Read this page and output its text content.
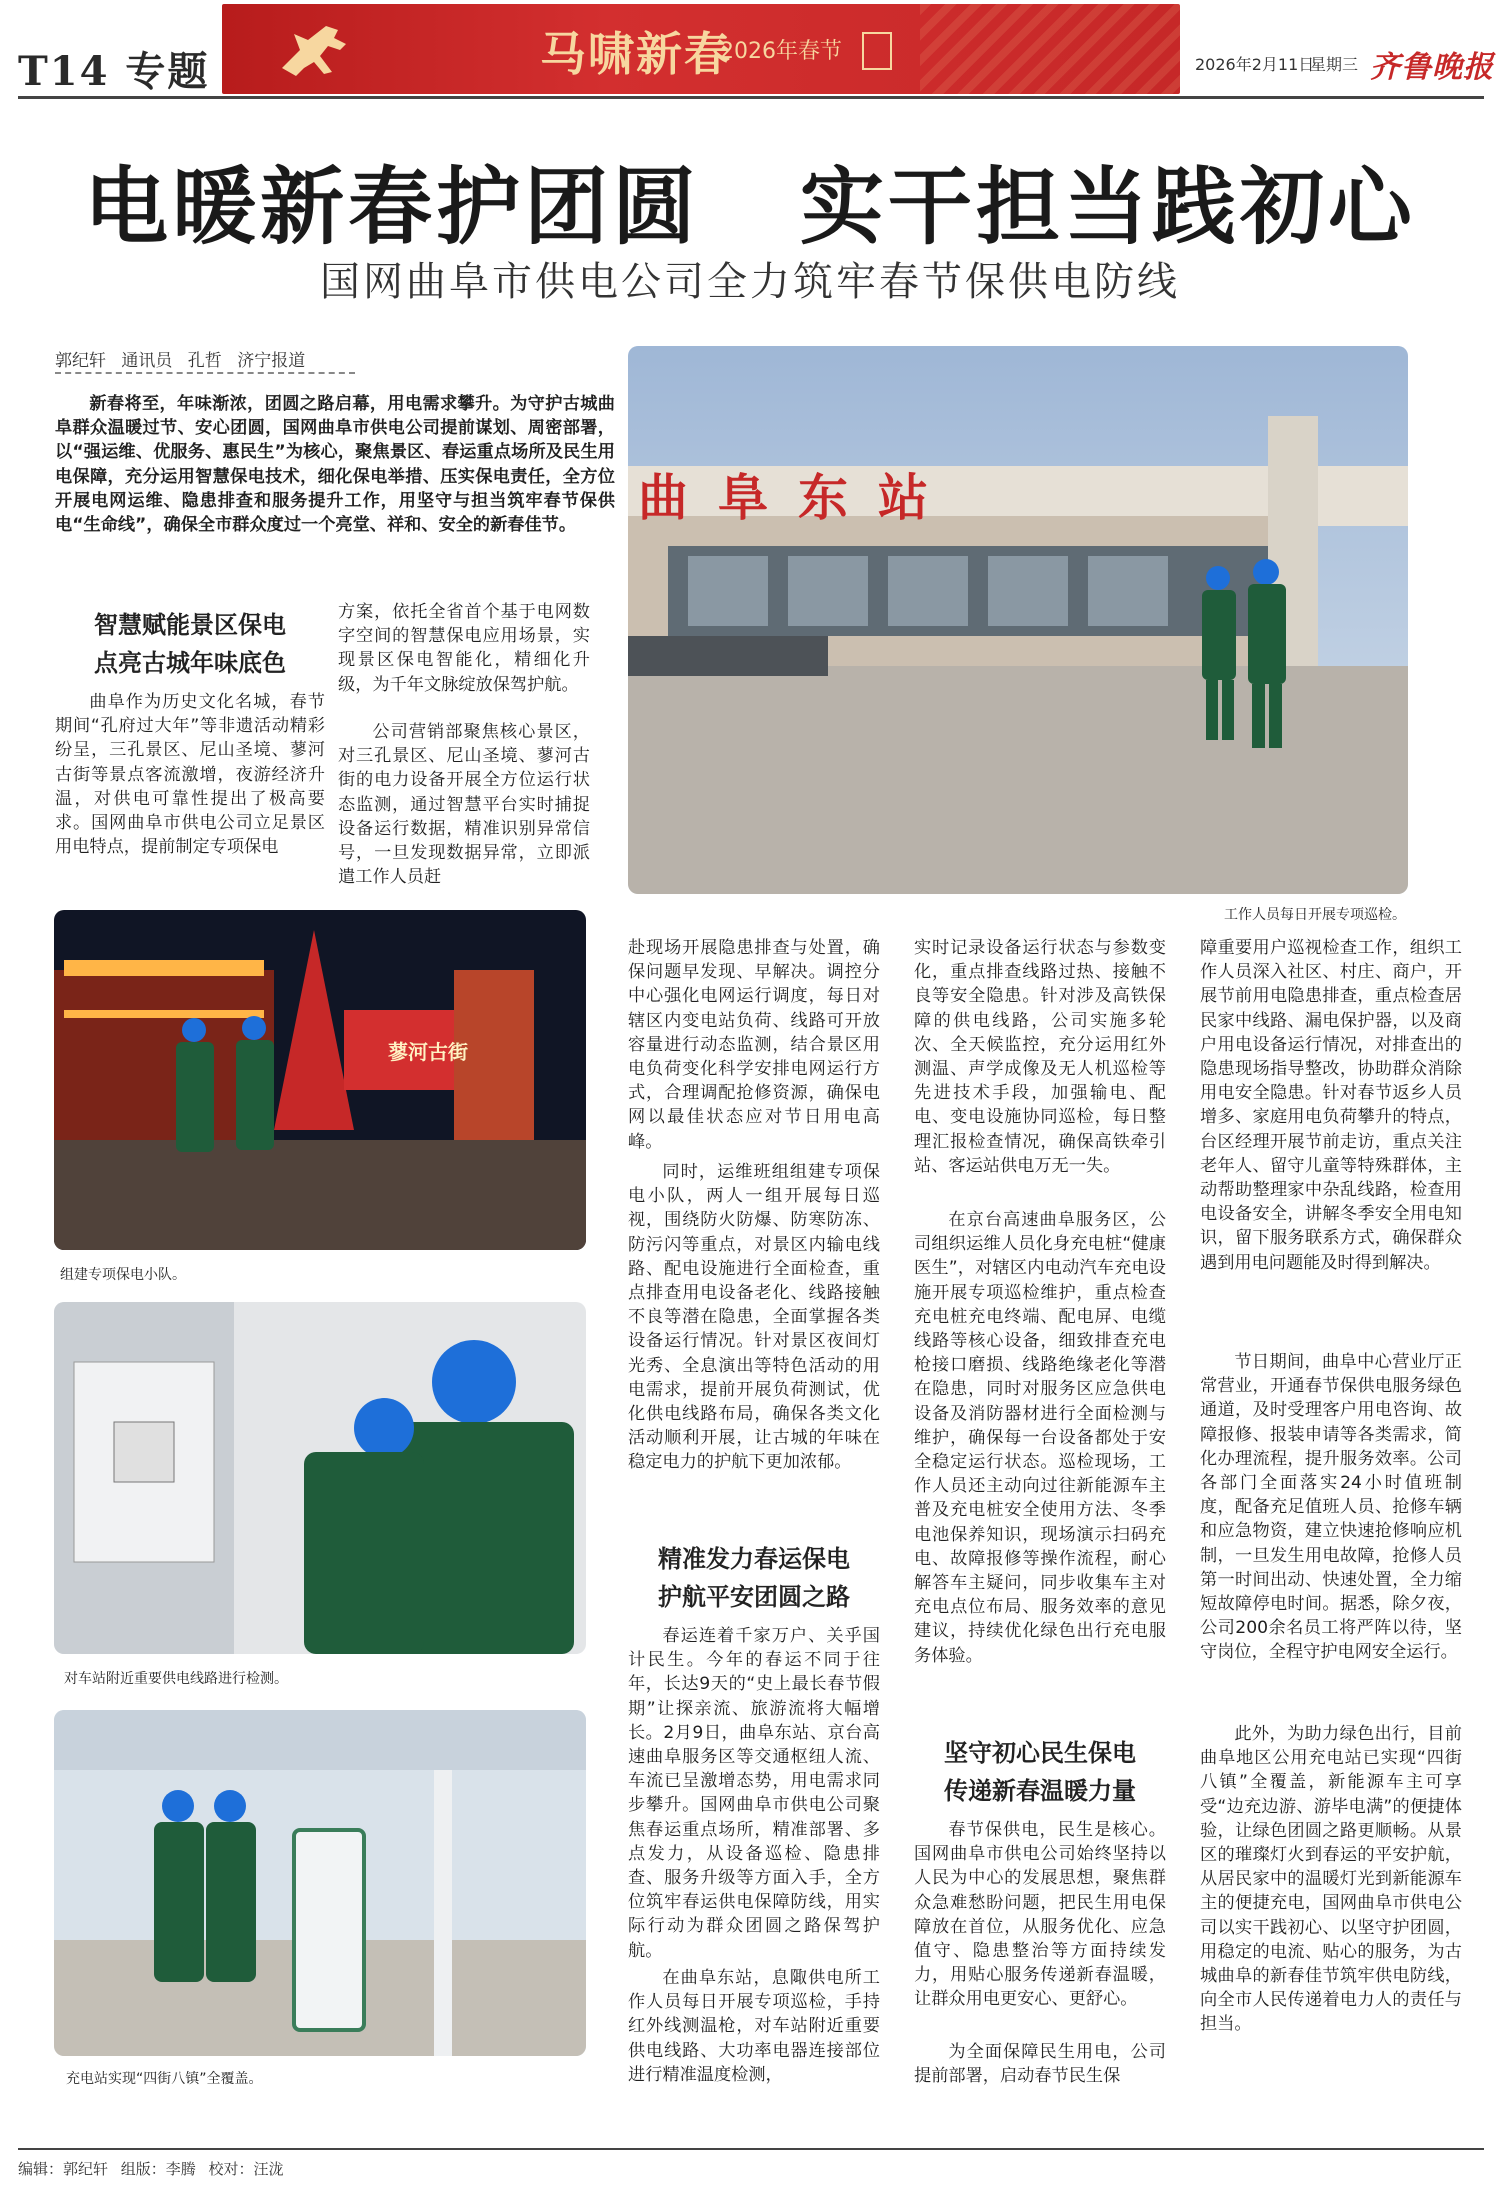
T14 专题	马啸新春
2026年春节
2026年2月11日
星期三 齐鲁晚报
电暖新春护团圆   实干担当践初心
国网曲阜市供电公司全力筑牢春节保供电防线
郭纪轩 通讯员 孔哲 济宁报道
新春将至，年味渐浓，团圆之路启幕，用电需求攀升。为守护古城曲阜群众温暖过节、安心团圆，国网曲阜市供电公司提前谋划、周密部署，以“强运维、优服务、惠民生”为核心，聚焦景区、春运重点场所及民生用电保障，充分运用智慧保电技术，细化保电举措、压实保电责任，全方位开展电网运维、隐患排查和服务提升工作，用坚守与担当筑牢春节保供电“生命线”，确保全市群众度过一个亮堂、祥和、安全的新春佳节。
智慧赋能景区保电
点亮古城年味底色
曲阜作为历史文化名城，春节期间“孔府过大年”等非遗活动精彩纷呈，三孔景区、尼山圣境、蓼河古街等景点客流激增，夜游经济升温，对供电可靠性提出了极高要求。国网曲阜市供电公司立足景区用电特点，提前制定专项保电
方案，依托全省首个基于电网数字空间的智慧保电应用场景，实现景区保电智能化，精细化升级，为千年文脉绽放保驾护航。
公司营销部聚焦核心景区，对三孔景区、尼山圣境、蓼河古街的电力设备开展全方位运行状态监测，通过智慧平台实时捕捉设备运行数据，精准识别异常信号，一旦发现数据异常，立即派遣工作人员赶
曲阜东站
工作人员每日开展专项巡检。
蓼河古街
组建专项保电小队。
对车站附近重要供电线路进行检测。
充电站实现“四街八镇”全覆盖。
赴现场开展隐患排查与处置，确保问题早发现、早解决。调控分中心强化电网运行调度，每日对辖区内变电站负荷、线路可开放容量进行动态监测，结合景区用电负荷变化科学安排电网运行方式，合理调配抢修资源，确保电网以最佳状态应对节日用电高峰。
同时，运维班组组建专项保电小队，两人一组开展每日巡视，围绕防火防爆、防寒防冻、防污闪等重点，对景区内输电线路、配电设施进行全面检查，重点排查用电设备老化、线路接触不良等潜在隐患，全面掌握各类设备运行情况。针对景区夜间灯光秀、全息演出等特色活动的用电需求，提前开展负荷测试，优化供电线路布局，确保各类文化活动顺利开展，让古城的年味在稳定电力的护航下更加浓郁。
精准发力春运保电
护航平安团圆之路
春运连着千家万户、关乎国计民生。今年的春运不同于往年，长达9天的“史上最长春节假期”让探亲流、旅游流将大幅增长。2月9日，曲阜东站、京台高速曲阜服务区等交通枢纽人流、车流已呈激增态势，用电需求同步攀升。国网曲阜市供电公司聚焦春运重点场所，精准部署、多点发力，从设备巡检、隐患排查、服务升级等方面入手，全方位筑牢春运供电保障防线，用实际行动为群众团圆之路保驾护航。
在曲阜东站，息陬供电所工作人员每日开展专项巡检，手持红外线测温枪，对车站附近重要供电线路、大功率电器连接部位进行精准温度检测，
实时记录设备运行状态与参数变化，重点排查线路过热、接触不良等安全隐患。针对涉及高铁保障的供电线路，公司实施多轮次、全天候监控，充分运用红外测温、声学成像及无人机巡检等先进技术手段，加强输电、配电、变电设施协同巡检，每日整理汇报检查情况，确保高铁牵引站、客运站供电万无一失。
在京台高速曲阜服务区，公司组织运维人员化身充电桩“健康医生”，对辖区内电动汽车充电设施开展专项巡检维护，重点检查充电桩充电终端、配电屏、电缆线路等核心设备，细致排查充电枪接口磨损、线路绝缘老化等潜在隐患，同时对服务区应急供电设备及消防器材进行全面检测与维护，确保每一台设备都处于安全稳定运行状态。巡检现场，工作人员还主动向过往新能源车主普及充电桩安全使用方法、冬季电池保养知识，现场演示扫码充电、故障报修等操作流程，耐心解答车主疑问，同步收集车主对充电点位布局、服务效率的意见建议，持续优化绿色出行充电服务体验。
坚守初心民生保电
传递新春温暖力量
春节保供电，民生是核心。国网曲阜市供电公司始终坚持以人民为中心的发展思想，聚焦群众急难愁盼问题，把民生用电保障放在首位，从服务优化、应急值守、隐患整治等方面持续发力，用贴心服务传递新春温暖，让群众用电更安心、更舒心。
为全面保障民生用电，公司提前部署，启动春节民生保
障重要用户巡视检查工作，组织工作人员深入社区、村庄、商户，开展节前用电隐患排查，重点检查居民家中线路、漏电保护器，以及商户用电设备运行情况，对排查出的隐患现场指导整改，协助群众消除用电安全隐患。针对春节返乡人员增多、家庭用电负荷攀升的特点，台区经理开展节前走访，重点关注老年人、留守儿童等特殊群体，主动帮助整理家中杂乱线路，检查用电设备安全，讲解冬季安全用电知识，留下服务联系方式，确保群众遇到用电问题能及时得到解决。
节日期间，曲阜中心营业厅正常营业，开通春节保供电服务绿色通道，及时受理客户用电咨询、故障报修、报装申请等各类需求，简化办理流程，提升服务效率。公司各部门全面落实24小时值班制度，配备充足值班人员、抢修车辆和应急物资，建立快速抢修响应机制，一旦发生用电故障，抢修人员第一时间出动、快速处置，全力缩短故障停电时间。据悉，除夕夜，公司200余名员工将严阵以待，坚守岗位，全程守护电网安全运行。
此外，为助力绿色出行，目前曲阜地区公用充电站已实现“四街八镇”全覆盖，新能源车主可享受“边充边游、游毕电满”的便捷体验，让绿色团圆之路更顺畅。从景区的璀璨灯火到春运的平安护航，从居民家中的温暖灯光到新能源车主的便捷充电，国网曲阜市供电公司以实干践初心、以坚守护团圆，用稳定的电流、贴心的服务，为古城曲阜的新春佳节筑牢供电防线，向全市人民传递着电力人的责任与担当。
编辑：郭纪轩 组版：李腾 校对：汪泷
